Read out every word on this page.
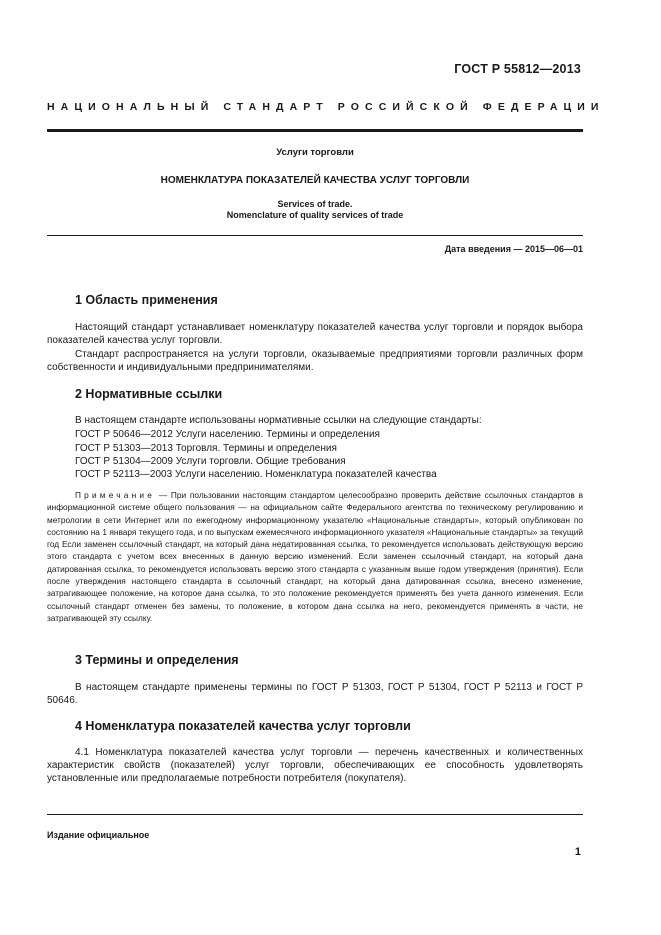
ГОСТ Р 55812—2013
НАЦИОНАЛЬНЫЙ СТАНДАРТ РОССИЙСКОЙ ФЕДЕРАЦИИ
Услуги торговли
НОМЕНКЛАТУРА ПОКАЗАТЕЛЕЙ КАЧЕСТВА УСЛУГ ТОРГОВЛИ
Services of trade.
Nomenclature of quality services of trade
Дата введения — 2015—06—01
1 Область применения

Настоящий стандарт устанавливает номенклатуру показателей качества услуг торговли и порядок выбора показателей качества услуг торговли.

Стандарт распространяется на услуги торговли, оказываемые предприятиями торговли различных форм собственности и индивидуальными предпринимателями.

2 Нормативные ссылки
В настоящем стандарте использованы нормативные ссылки на следующие стандарты:
ГОСТ Р 50646—2012 Услуги населению. Термины и определения
ГОСТ Р 51303—2013 Торговля. Термины и определения
ГОСТ Р 51304—2009 Услуги торговли. Общие требования
ГОСТ Р 52113—2003 Услуги населению. Номенклатура показателей качества

Примечание — При пользовании настоящим стандартом целесообразно проверить действие ссылочных стандартов в информационной системе общего пользования — на официальном сайте Федерального агентства по техническому регулированию и метрологии в сети Интернет или по ежегодному информационному указателю «Национальные стандарты», который опубликован по состоянию на 1 января текущего года, и по выпускам ежемесячного информационного указателя «Национальные стандарты» за текущий год Если заменен ссылочный стандарт, на который дана недатированная ссылка, то рекомендуется использовать действующую версию этого стандарта с учетом всех внесенных в данную версию изменений. Если заменен ссылочный стандарт, на который дана датированная ссылка, то рекомендуется использовать версию этого стандарта с указанным выше годом утверждения (принятия). Если после утверждения настоящего стандарта в ссылочный стандарт, на который дана датированная ссылка, внесено изменение, затрагивающее положение, на которое дана ссылка, то это положение рекомендуется применять без учета данного изменения. Если ссылочный стандарт отменен без замены, то положение, в котором дана ссылка на него, рекомендуется применять в части, не затрагивающей эту ссылку.

3 Термины и определения

В настоящем стандарте применены термины по ГОСТ Р 51303, ГОСТ Р 51304, ГОСТ Р 52113 и ГОСТ Р 50646.

4 Номенклатура показателей качества услуг торговли

4.1 Номенклатура показателей качества услуг торговли — перечень качественных и количественных характеристик свойств (показателей) услуг торговли, обеспечивающих ее способность удовлетворять установленные или предполагаемые потребности потребителя (покупателя).

Издание официальное
1
